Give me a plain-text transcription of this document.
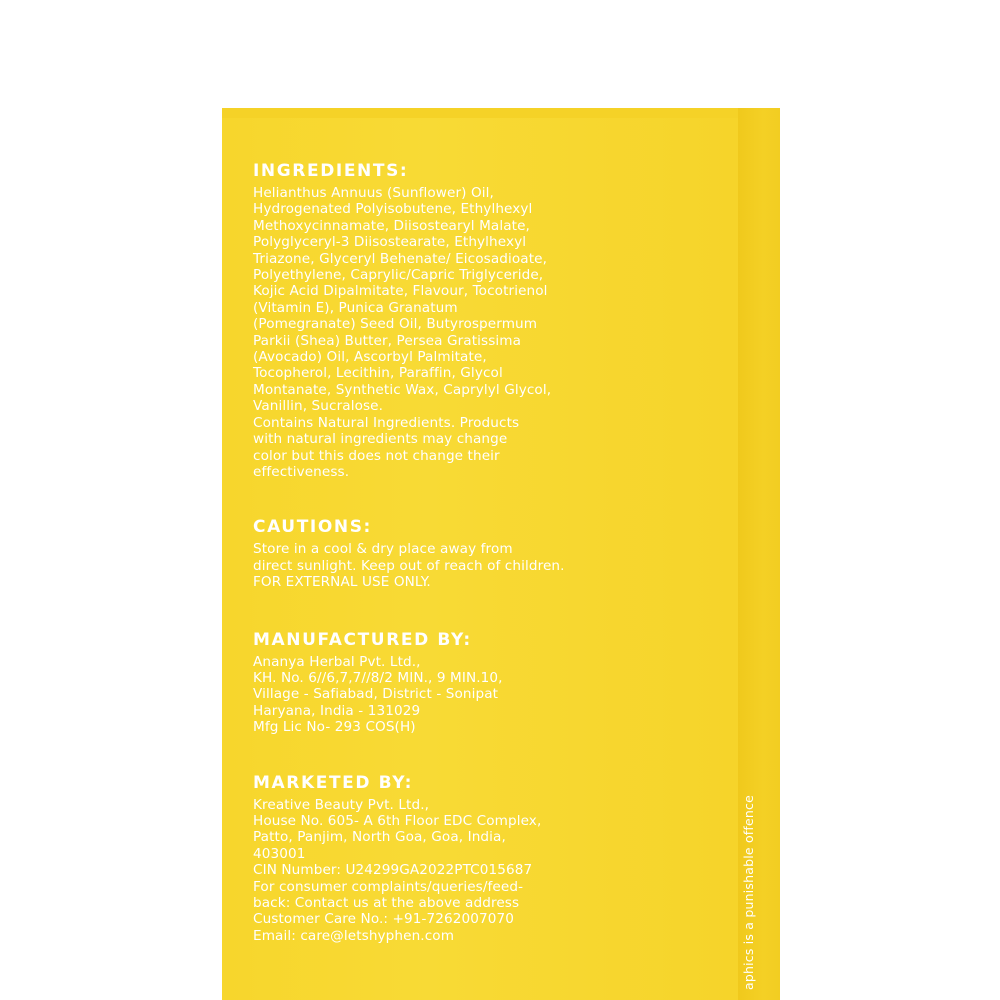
INGREDIENTS:
Helianthus Annuus (Sunflower) Oil,
Hydrogenated Polyisobutene, Ethylhexyl
Methoxycinnamate, Diisostearyl Malate,
Polyglyceryl-3 Diisostearate, Ethylhexyl
Triazone, Glyceryl Behenate/ Eicosadioate,
Polyethylene, Caprylic/Capric Triglyceride,
Kojic Acid Dipalmitate, Flavour, Tocotrienol
(Vitamin E), Punica Granatum
(Pomegranate) Seed Oil, Butyrospermum
Parkii (Shea) Butter, Persea Gratissima
(Avocado) Oil, Ascorbyl Palmitate,
Tocopherol, Lecithin, Paraffin, Glycol
Montanate, Synthetic Wax, Caprylyl Glycol,
Vanillin, Sucralose.
Contains Natural Ingredients. Products
with natural ingredients may change
color but this does not change their
effectiveness.
CAUTIONS:
Store in a cool & dry place away from
direct sunlight. Keep out of reach of children.
FOR EXTERNAL USE ONLY.
MANUFACTURED BY:
Ananya Herbal Pvt. Ltd.,
KH. No. 6//6,7,7//8/2 MIN., 9 MIN.10,
Village - Safiabad, District - Sonipat
Haryana, India - 131029
Mfg Lic No- 293 COS(H)
MARKETED BY:
Kreative Beauty Pvt. Ltd.,
House No. 605- A 6th Floor EDC Complex,
Patto, Panjim, North Goa, Goa, India,
403001
CIN Number: U24299GA2022PTC015687
For consumer complaints/queries/feed-
back: Contact us at the above address
Customer Care No.: +91-7262007070
Email: care@letshyphen.com	aphics is a punishable offence
